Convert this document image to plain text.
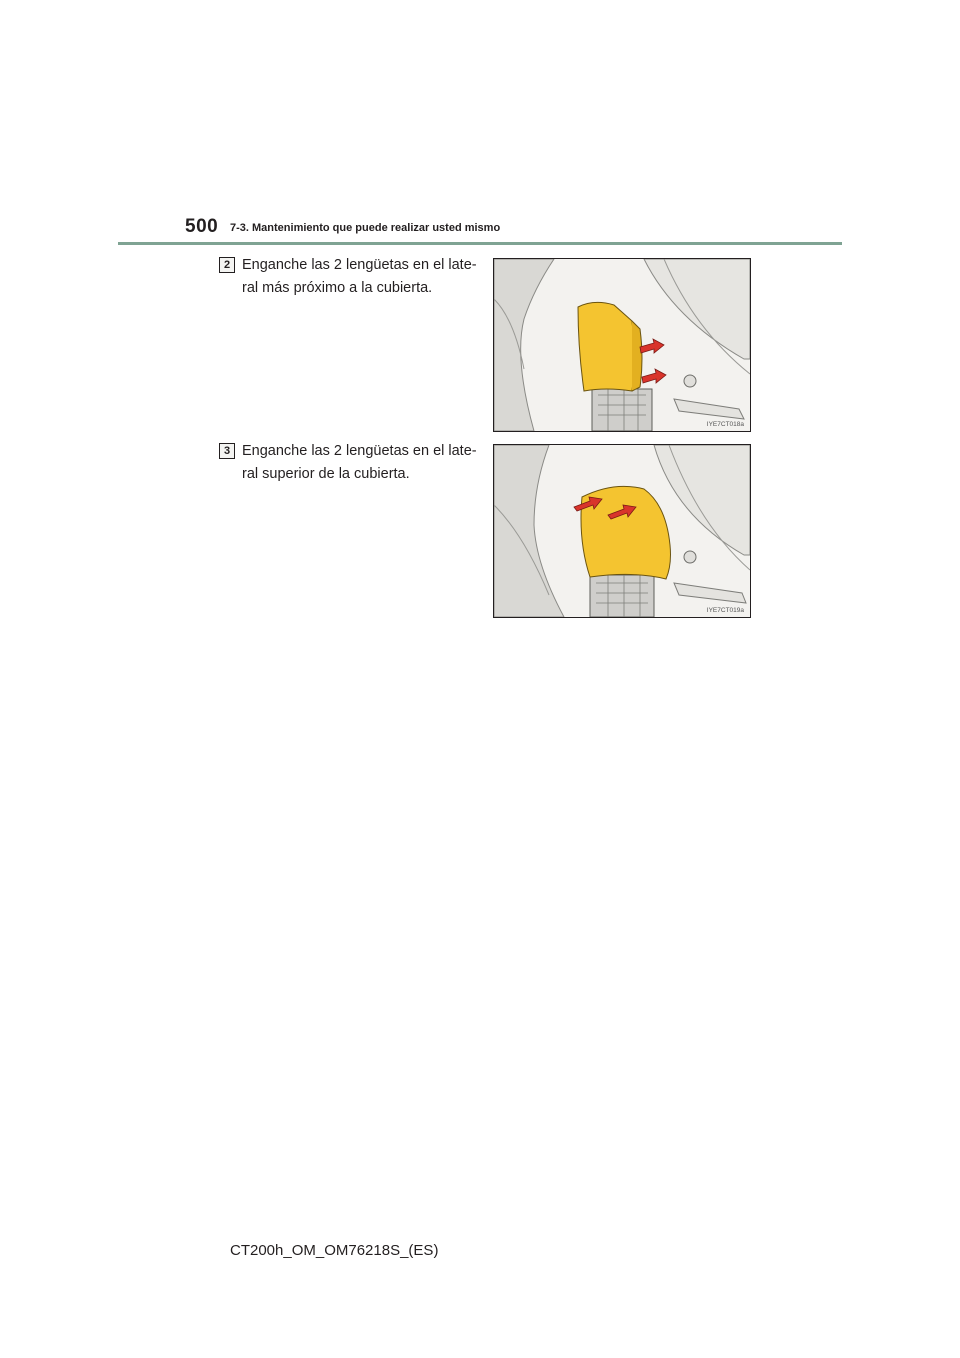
500 7-3. Mantenimiento que puede realizar usted mismo
2 Enganche las 2 lengüetas en el late-
ral más próximo a la cubierta.
IYE7CT018a
3 Enganche las 2 lengüetas en el late-
ral superior de la cubierta.
IYE7CT019a
CT200h_OM_OM76218S_(ES)
